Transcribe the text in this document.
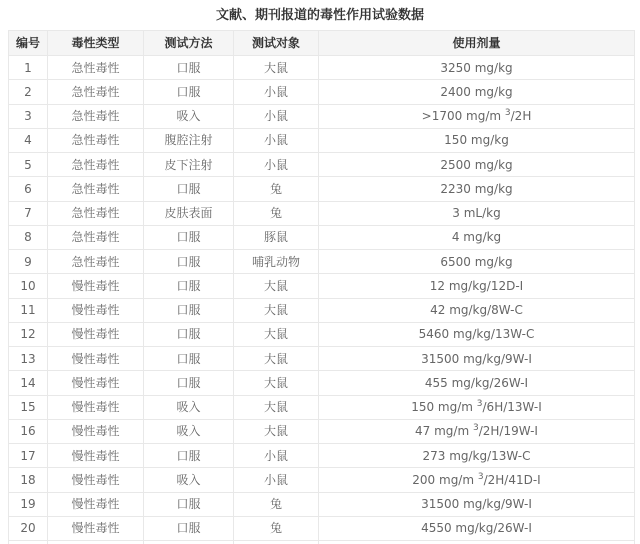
文献、期刊报道的毒性作用试验数据
编号	毒性类型	测试方法	测试对象	使用剂量
1	急性毒性	口服	大鼠	3250 mg/kg
2	急性毒性	口服	小鼠	2400 mg/kg
3	急性毒性	吸入	小鼠	>1700 mg/m $^3$/2H
4	急性毒性	腹腔注射	小鼠	150 mg/kg
5	急性毒性	皮下注射	小鼠	2500 mg/kg
6	急性毒性	口服	兔	2230 mg/kg
7	急性毒性	皮肤表面	兔	3 mL/kg
8	急性毒性	口服	豚鼠	4 mg/kg
9	急性毒性	口服	哺乳动物	6500 mg/kg
10	慢性毒性	口服	大鼠	12 mg/kg/12D-I
11	慢性毒性	口服	大鼠	42 mg/kg/8W-C
12	慢性毒性	口服	大鼠	5460 mg/kg/13W-C
13	慢性毒性	口服	大鼠	31500 mg/kg/9W-I
14	慢性毒性	口服	大鼠	455 mg/kg/26W-I
15	慢性毒性	吸入	大鼠	150 mg/m $^3$/6H/13W-I
16	慢性毒性	吸入	大鼠	47 mg/m $^3$/2H/19W-I
17	慢性毒性	口服	小鼠	273 mg/kg/13W-C
18	慢性毒性	吸入	小鼠	200 mg/m $^3$/2H/41D-I
19	慢性毒性	口服	兔	31500 mg/kg/9W-I
20	慢性毒性	口服	兔	4550 mg/kg/26W-I
